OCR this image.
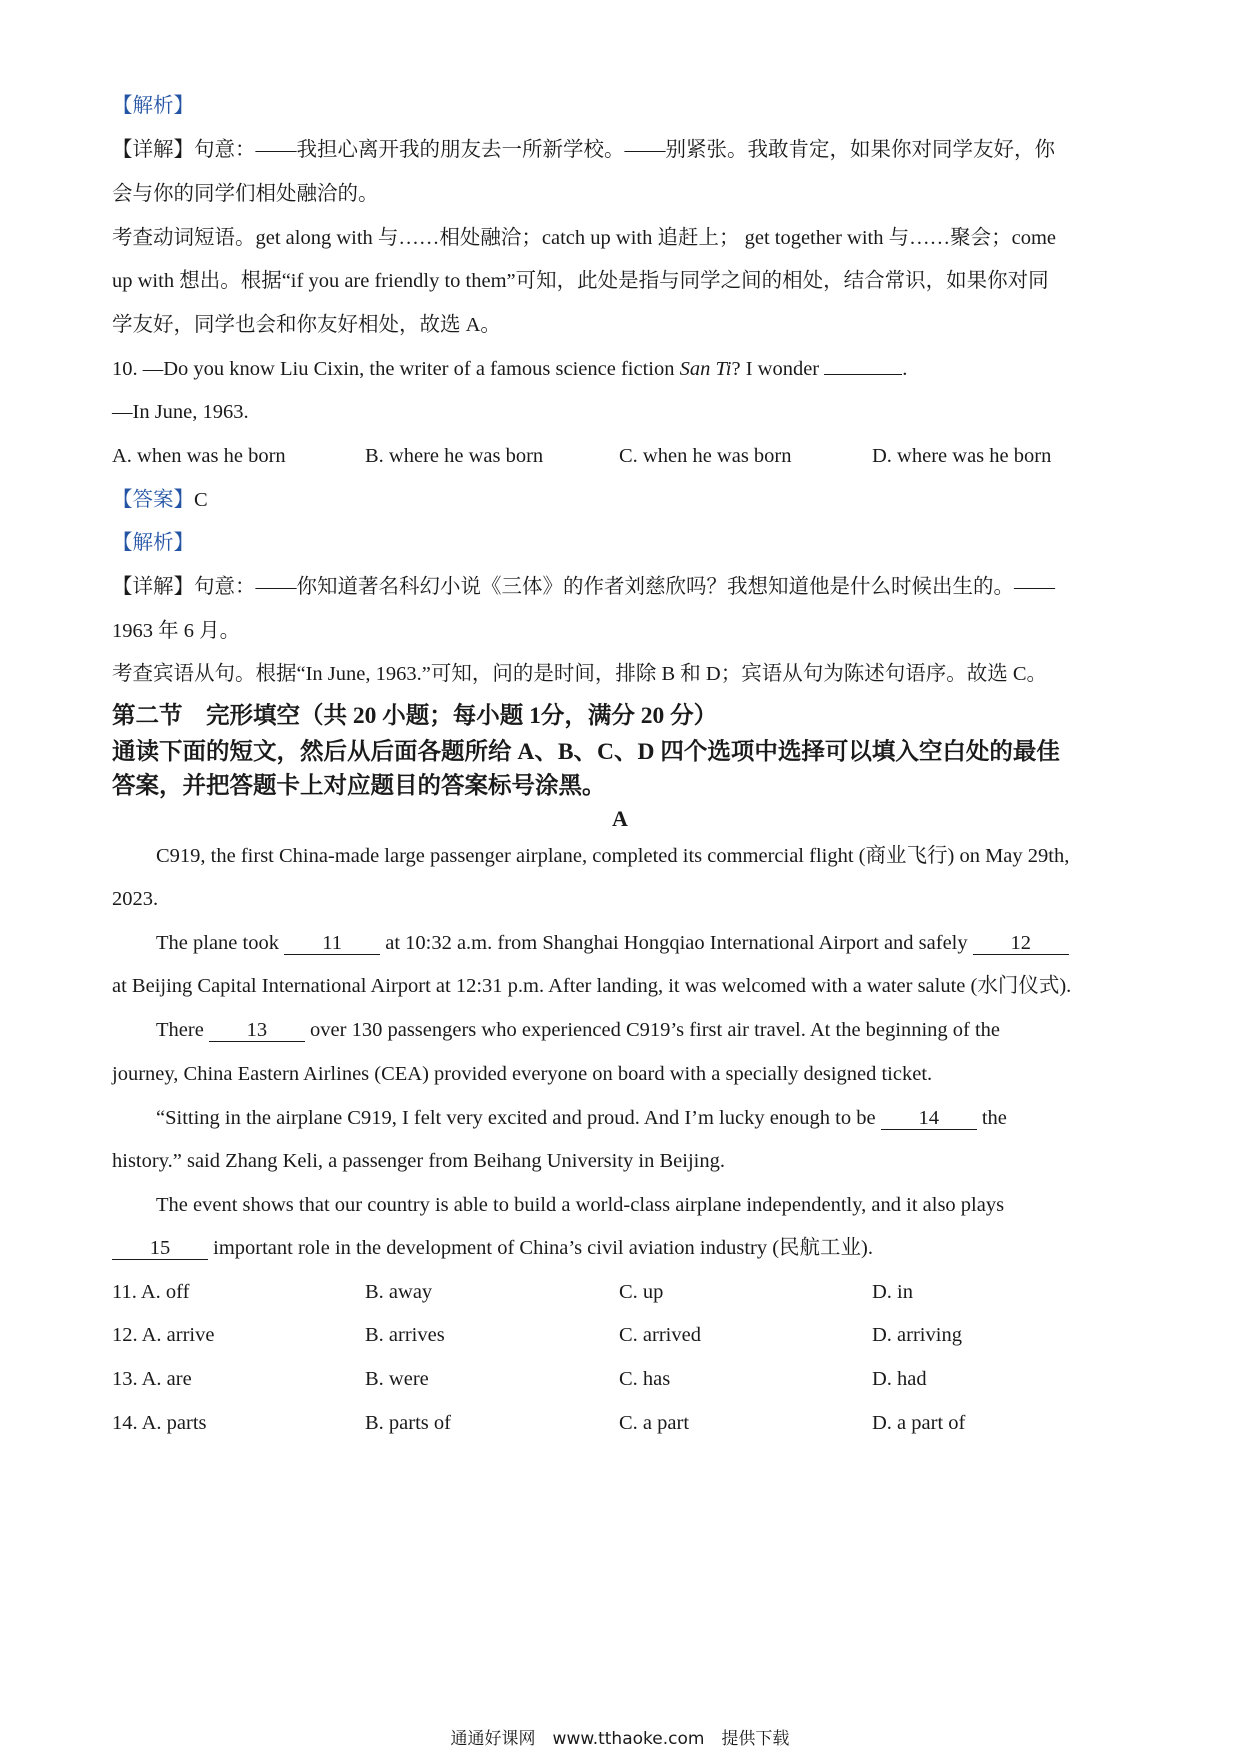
【解析】
【详解】句意：——我担心离开我的朋友去一所新学校。——别紧张。我敢肯定，如果你对同学友好，你
会与你的同学们相处融洽的。
考查动词短语。get along with 与……相处融洽；catch up with 追赶上； get together with 与……聚会；come
up with 想出。根据“if you are friendly to them”可知，此处是指与同学之间的相处，结合常识，如果你对同
学友好，同学也会和你友好相处，故选 A。
10. —Do you know Liu Cixin, the writer of a famous science fiction San Ti? I wonder	.
—In June, 1963.
A. when was he born	B. where he was born	C. when he was born	D. where was he born
【答案】C
【解析】
【详解】句意：——你知道著名科幻小说《三体》的作者刘慈欣吗？我想知道他是什么时候出生的。——
1963 年 6 月。
考查宾语从句。根据“In June, 1963.”可知，问的是时间，排除 B 和 D；宾语从句为陈述句语序。故选 C。
第二节　完形填空（共 20 小题；每小题 1分，满分 20 分）
通读下面的短文，然后从后面各题所给 A、B、C、D 四个选项中选择可以填入空白处的最佳
答案，并把答题卡上对应题目的答案标号涂黑。
A
C919, the first China-made large passenger airplane, completed its commercial flight (商业飞行) on May 29th,
2023.
The plane took 11 at 10:32 a.m. from Shanghai Hongqiao International Airport and safely 12
at Beijing Capital International Airport at 12:31 p.m. After landing, it was welcomed with a water salute (水门仪式).
There 13 over 130 passengers who experienced C919’s first air travel. At the beginning of the
journey, China Eastern Airlines (CEA) provided everyone on board with a specially designed ticket.
“Sitting in the airplane C919, I felt very excited and proud. And I’m lucky enough to be 14 the
history.” said Zhang Keli, a passenger from Beihang University in Beijing.
The event shows that our country is able to build a world-class airplane independently, and it also plays
15 important role in the development of China’s civil aviation industry (民航工业).
11. A. off	B. away	C. up	D. in
12. A. arrive	B. arrives	C. arrived	D. arriving
13. A. are	B. were	C. has	D. had
14. A. parts	B. parts of	C. a part	D. a part of
通通好课网　www.tthaoke.com　提供下载
